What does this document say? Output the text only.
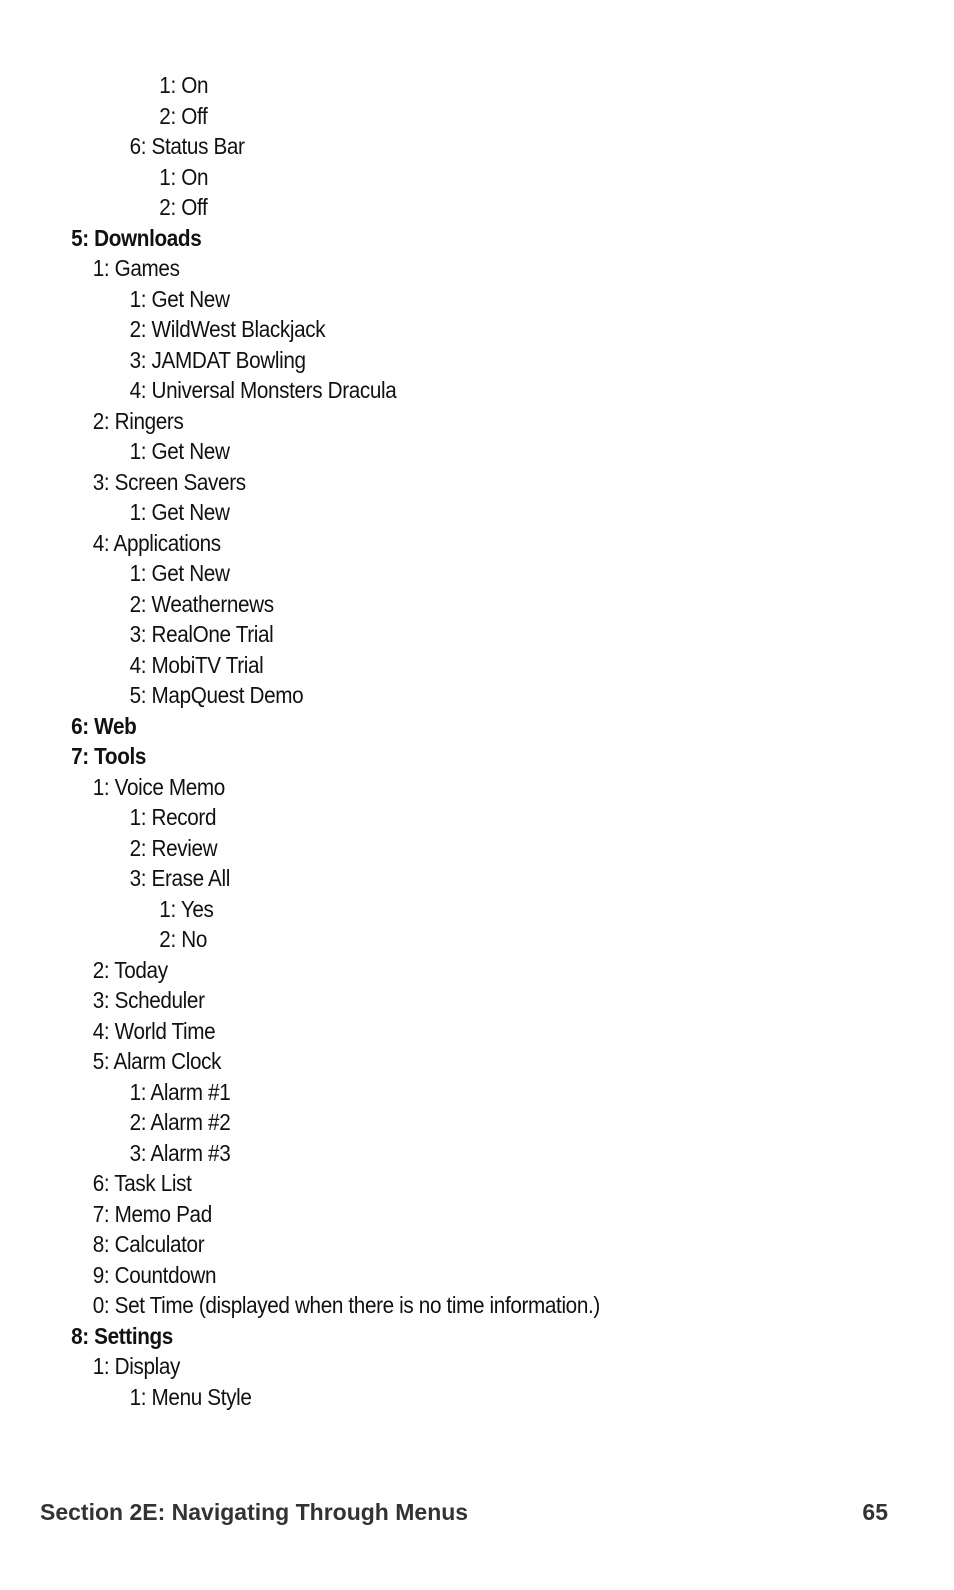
1: On
2: Off
6: Status Bar
1: On
2: Off
5: Downloads
1: Games
1: Get New
2: WildWest Blackjack
3: JAMDAT Bowling
4: Universal Monsters Dracula
2: Ringers
1: Get New
3: Screen Savers
1: Get New
4: Applications
1: Get New
2: Weathernews
3: RealOne Trial
4: MobiTV Trial
5: MapQuest Demo
6: Web
7: Tools
1: Voice Memo
1: Record
2: Review
3: Erase All
1: Yes
2: No
2: Today
3: Scheduler
4: World Time
5: Alarm Clock
1: Alarm #1
2: Alarm #2
3: Alarm #3
6: Task List
7: Memo Pad
8: Calculator
9: Countdown
0: Set Time (displayed when there is no time information.)
8: Settings
1: Display
1: Menu Style
Section 2E: Navigating Through Menus	65
